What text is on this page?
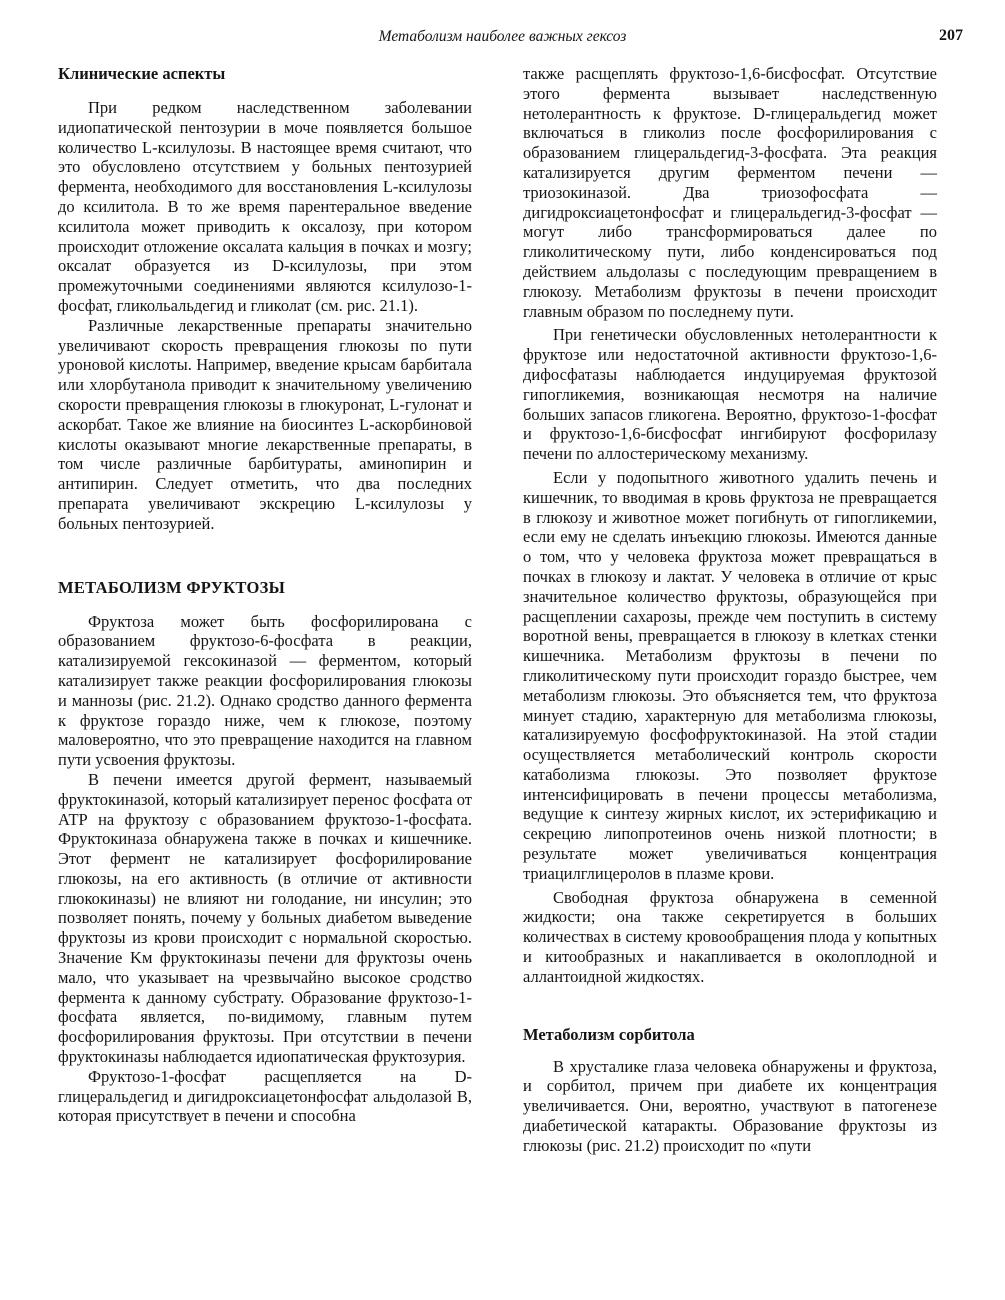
Метаболизм наиболее важных гексоз	207
Клинические аспекты

При редком наследственном заболевании идиопатической пентозурии в моче появляется большое количество L-ксилулозы. В настоящее время считают, что это обусловлено отсутствием у больных пентозурией фермента, необходимого для восстановления L-ксилулозы до ксилитола. В то же время парентеральное введение ксилитола может приводить к оксалозу, при котором происходит отложение оксалата кальция в почках и мозгу; оксалат образуется из D-ксилулозы, при этом промежуточными соединениями являются ксилулозо-1-фосфат, гликольальдегид и гликолат (см. рис. 21.1).

Различные лекарственные препараты значительно увеличивают скорость превращения глюкозы по пути уроновой кислоты. Например, введение крысам барбитала или хлорбутанола приводит к значительному увеличению скорости превращения глюкозы в глюкуронат, L-гулонат и аскорбат. Такое же влияние на биосинтез L-аскорбиновой кислоты оказывают многие лекарственные препараты, в том числе различные барбитураты, аминопирин и антипирин. Следует отметить, что два последних препарата увеличивают экскрецию L-ксилулозы у больных пентозурией.

МЕТАБОЛИЗМ ФРУКТОЗЫ

Фруктоза может быть фосфорилирована с образованием фруктозо-6-фосфата в реакции, катализируемой гексокиназой — ферментом, который катализирует также реакции фосфорилирования глюкозы и маннозы (рис. 21.2). Однако сродство данного фермента к фруктозе гораздо ниже, чем к глюкозе, поэтому маловероятно, что это превращение находится на главном пути усвоения фруктозы.

В печени имеется другой фермент, называемый фруктокиназой, который катализирует перенос фосфата от АТР на фруктозу с образованием фруктозо-1-фосфата. Фруктокиназа обнаружена также в почках и кишечнике. Этот фермент не катализирует фосфорилирование глюкозы, на его активность (в отличие от активности глюкокиназы) не влияют ни голодание, ни инсулин; это позволяет понять, почему у больных диабетом выведение фруктозы из крови происходит с нормальной скоростью. Значение Kм фруктокиназы печени для фруктозы очень мало, что указывает на чрезвычайно высокое сродство фермента к данному субстрату. Образование фруктозо-1-фосфата является, по-видимому, главным путем фосфорилирования фруктозы. При отсутствии в печени фруктокиназы наблюдается идиопатическая фруктозурия.

Фруктозо-1-фосфат расщепляется на D-глицеральдегид и дигидроксиацетонфосфат альдолазой В, которая присутствует в печени и способна

также расщеплять фруктозо-1,6-бисфосфат. Отсутствие этого фермента вызывает наследственную нетолерантность к фруктозе. D-глицеральдегид может включаться в гликолиз после фосфорилирования с образованием глицеральдегид-3-фосфата. Эта реакция катализируется другим ферментом печени — триозокиназой. Два триозофосфата — дигидроксиацетонфосфат и глицеральдегид-3-фосфат — могут либо трансформироваться далее по гликолитическому пути, либо конденсироваться под действием альдолазы с последующим превращением в глюкозу. Метаболизм фруктозы в печени происходит главным образом по последнему пути.

При генетически обусловленных нетолерантности к фруктозе или недостаточной активности фруктозо-1,6-дифосфатазы наблюдается индуцируемая фруктозой гипогликемия, возникающая несмотря на наличие больших запасов гликогена. Вероятно, фруктозо-1-фосфат и фруктозо-1,6-бисфосфат ингибируют фосфорилазу печени по аллостерическому механизму.

Если у подопытного животного удалить печень и кишечник, то вводимая в кровь фруктоза не превращается в глюкозу и животное может погибнуть от гипогликемии, если ему не сделать инъекцию глюкозы. Имеются данные о том, что у человека фруктоза может превращаться в почках в глюкозу и лактат. У человека в отличие от крыс значительное количество фруктозы, образующейся при расщеплении сахарозы, прежде чем поступить в систему воротной вены, превращается в глюкозу в клетках стенки кишечника. Метаболизм фруктозы в печени по гликолитическому пути происходит гораздо быстрее, чем метаболизм глюкозы. Это объясняется тем, что фруктоза минует стадию, характерную для метаболизма глюкозы, катализируемую фосфофруктокиназой. На этой стадии осуществляется метаболический контроль скорости катаболизма глюкозы. Это позволяет фруктозе интенсифицировать в печени процессы метаболизма, ведущие к синтезу жирных кислот, их эстерификацию и секрецию липопротеинов очень низкой плотности; в результате может увеличиваться концентрация триацилглицеролов в плазме крови.

Свободная фруктоза обнаружена в семенной жидкости; она также секретируется в больших количествах в систему кровообращения плода у копытных и китообразных и накапливается в околоплодной и аллантоидной жидкостях.

Метаболизм сорбитола

В хрусталике глаза человека обнаружены и фруктоза, и сорбитол, причем при диабете их концентрация увеличивается. Они, вероятно, участвуют в патогенезе диабетической катаракты. Образование фруктозы из глюкозы (рис. 21.2) происходит по «пути
